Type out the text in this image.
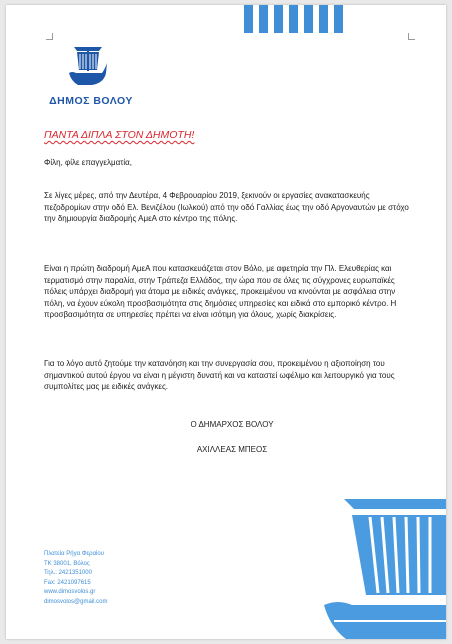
ΔΗΜΟΣ ΒΟΛΟΥ
ΠΑΝΤΑ ΔΙΠΛΑ ΣΤΟΝ ΔΗΜΟΤΗ!
Φίλη, φίλε επαγγελματία,
Σε λίγες μέρες, από την Δευτέρα, 4 Φεβρουαρίου 2019, ξεκινούν οι εργασίες ανακατασκευής πεζοδρομίων στην οδό Ελ. Βενιζέλου (Ιωλκού) από την οδό Γαλλίας έως την οδό Αργοναυτών με στόχο την δημιουργία διαδρομής ΑμεΑ στο κέντρο της πόλης.
Είναι η πρώτη διαδρομή ΑμεΑ που κατασκευάζεται στον Βόλο, με αφετηρία την Πλ. Ελευθερίας και τερματισμό στην παραλία, στην Τράπεζα Ελλάδος, την ώρα που σε όλες τις σύγχρονες ευρωπαϊκές πόλεις υπάρχει διαδρομή για άτομα με ειδικές ανάγκες, προκειμένου να κινούνται με ασφάλεια στην πόλη, να έχουν εύκολη προσβασιμότητα στις δημόσιες υπηρεσίες και ειδικά στο εμπορικό κέντρο. Η προσβασιμότητα σε υπηρεσίες πρέπει να είναι ισότιμη για όλους, χωρίς διακρίσεις.
Για το λόγο αυτό ζητούμε την κατανόηση και την συνεργασία σου, προκειμένου η αξιοποίηση του σημαντικού αυτού έργου να είναι η μέγιστη δυνατή και να καταστεί ωφέλιμο και λειτουργικό για τους συμπολίτες μας με ειδικές ανάγκες.
Ο ΔΗΜΑΡΧΟΣ ΒΟΛΟΥ
ΑΧΙΛΛΕΑΣ ΜΠΕΟΣ
Πλατεία Ρήγα Φεραίου
ΤΚ 38001, Βόλος
Τηλ.: 2421351000
Fax: 2421097615
www.dimosvolos.gr
dimosvolos@gmail.com
